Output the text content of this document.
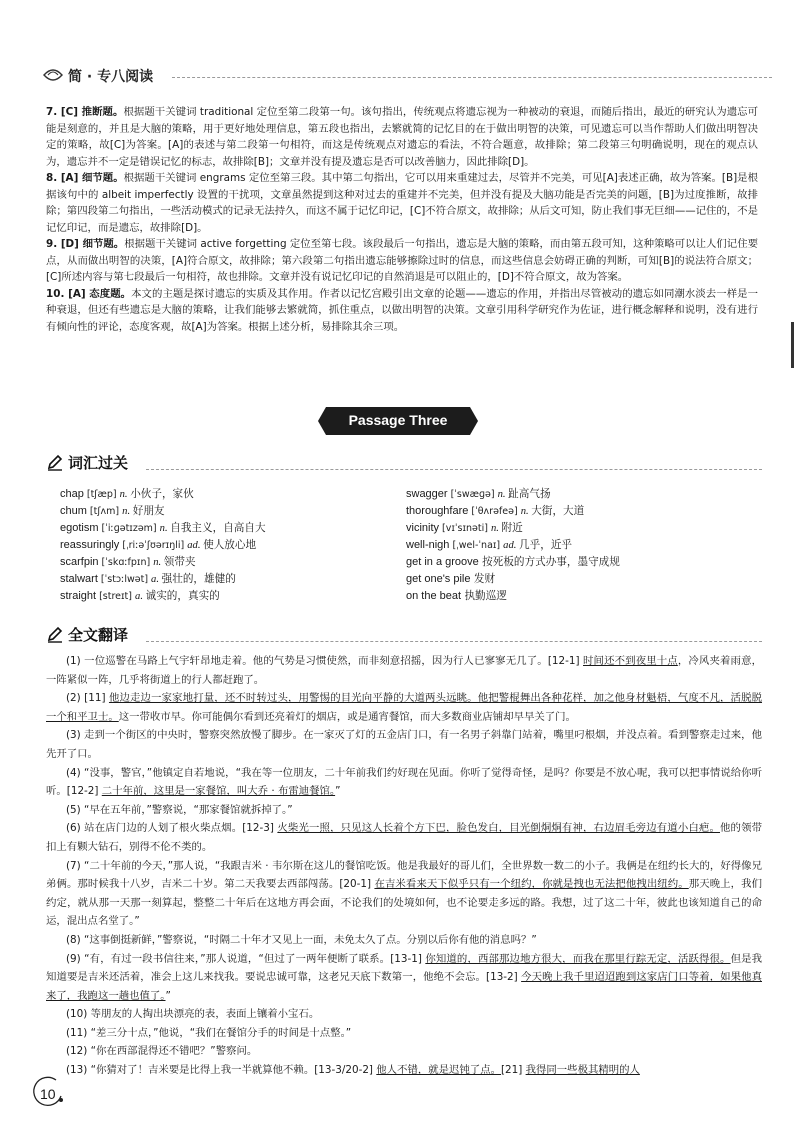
简 · 专八阅读

7. [C] 推断题。根据题干关键词 traditional 定位至第二段第一句。该句指出，传统观点将遗忘视为一种被动的衰退，而随后指出，最近的研究认为遗忘可能是刻意的，并且是大脑的策略，用于更好地处理信息，第五段也指出，去繁就简的记忆目的在于做出明智的决策，可见遗忘可以当作帮助人们做出明智决定的策略，故[C]为答案。[A]的表述与第二段第一句相符，而这是传统观点对遗忘的看法，不符合题意，故排除；第二段第三句明确说明，现在的观点认为，遗忘并不一定是错误记忆的标志，故排除[B]；文章并没有提及遗忘是否可以改善脑力，因此排除[D]。

8. [A] 细节题。根据题干关键词 engrams 定位至第三段。其中第二句指出，它可以用来重建过去，尽管并不完美，可见[A]表述正确，故为答案。[B]是根据该句中的 albeit imperfectly 设置的干扰项，文章虽然提到这种对过去的重建并不完美，但并没有提及大脑功能是否完美的问题，[B]为过度推断，故排除；第四段第二句指出，一些活动模式的记录无法持久，而这不属于记忆印记，[C]不符合原文，故排除；从后文可知，防止我们事无巨细——记住的，不是记忆印记，而是遗忘，故排除[D]。

9. [D] 细节题。根据题干关键词 active forgetting 定位至第七段。该段最后一句指出，遗忘是大脑的策略，而由第五段可知，这种策略可以让人们记住要点，从而做出明智的决策，[A]符合原文，故排除；第六段第二句指出遗忘能够擦除过时的信息，而这些信息会妨碍正确的判断，可知[B]的说法符合原文；[C]所述内容与第七段最后一句相符，故也排除。文章并没有说记忆印记的自然消退是可以阻止的，[D]不符合原文，故为答案。

10. [A] 态度题。本文的主题是探讨遗忘的实质及其作用。作者以记忆宫殿引出文章的论题——遗忘的作用，并指出尽管被动的遗忘如同潮水淡去一样是一种衰退，但还有些遗忘是大脑的策略，让我们能够去繁就简，抓住重点，以做出明智的决策。文章引用科学研究作为佐证，进行概念解释和说明，没有进行有倾向性的评论，态度客观，故[A]为答案。根据上述分析，易排除其余三项。

Passage Three
词汇过关
chap [tʃæp] n. 小伙子，家伙
chum [tʃʌm] n. 好朋友
egotism [ˈiːɡətɪzəm] n. 自我主义，自高自大
reassuringly [ˌriːəˈʃʊərɪŋli] ad. 使人放心地
scarfpin [ˈskɑːfpɪn] n. 领带夹
stalwart [ˈstɔːlwət] a. 强壮的，雄健的
straight [streɪt] a. 诚实的，真实的
swagger [ˈswæɡə] n. 趾高气扬
thoroughfare [ˈθʌrəfeə] n. 大街，大道
vicinity [vɪˈsɪnəti] n. 附近
well-nigh [ˌwel-ˈnaɪ] ad. 几乎，近乎
get in a groove 按死板的方式办事，墨守成规
get one's pile 发财
on the beat 执勤巡逻
全文翻译

(1) 一位巡警在马路上气宇轩昂地走着。他的气势是习惯使然，而非刻意招摇，因为行人已寥寥无几了。[12-1] 时间还不到夜里十点，冷风夹着雨意，一阵紧似一阵，几乎将街道上的行人都赶跑了。

(2) [11] 他边走边一家家地打量，还不时转过头，用警惕的目光向平静的大道两头远眺。他把警棍舞出各种花样，加之他身材魁梧，气度不凡，活脱脱一个和平卫士。这一带收市早。你可能偶尔看到还亮着灯的烟店，或是通宵餐馆，而大多数商业店铺却早早关了门。

(3) 走到一个街区的中央时，警察突然放慢了脚步。在一家灭了灯的五金店门口，有一名男子斜靠门站着，嘴里叼根烟，并没点着。看到警察走过来，他先开了口。

(4) “没事，警官，”他镇定自若地说，“我在等一位朋友，二十年前我们约好现在见面。你听了觉得奇怪，是吗？你要是不放心呢，我可以把事情说给你听听。[12-2] 二十年前，这里是一家餐馆，叫大乔 · 布雷迪餐馆。”

(5) “早在五年前，”警察说，“那家餐馆就拆掉了。”

(6) 站在店门边的人划了根火柴点烟。[12-3] 火柴光一照，只见这人长着个方下巴，脸色发白，目光倒烔烔有神，右边眉毛旁边有道小白疤。他的领带扣上有颗大钻石，别得不伦不类的。

(7) “二十年前的今天，”那人说，“我跟吉米 · 韦尔斯在这儿的餐馆吃饭。他是我最好的哥儿们，全世界数一数二的小子。我俩是在纽约长大的，好得像兄弟俩。那时候我十八岁，吉米二十岁。第二天我要去西部闯荡。[20-1] 在吉米看来天下似乎只有一个纽约，你就是拽也无法把他拽出纽约。那天晚上，我们约定，就从那一天那一刻算起，整整二十年后在这地方再会面，不论我们的处境如何，也不论要走多远的路。我想，过了这二十年，彼此也该知道自己的命运，混出点名堂了。”

(8) “这事倒挺新鲜，”警察说，“时隔二十年才又见上一面，未免太久了点。分别以后你有他的消息吗？”

(9) “有，有过一段书信往来，”那人说道，“但过了一两年便断了联系。[13-1] 你知道的，西部那边地方很大，而我在那里行踪无定，活跃得很。但是我知道要是吉米还活着，准会上这儿来找我。要说忠诚可靠，这老兄天底下数第一，他绝不会忘。[13-2] 今天晚上我千里迢迢跑到这家店门口等着，如果他真来了，我跑这一趟也值了。”

(10) 等朋友的人掏出块漂亮的表，表面上镶着小宝石。

(11) “差三分十点，”他说，“我们在餐馆分手的时间是十点整。”

(12) “你在西部混得还不错吧？”警察问。

(13) “你猜对了！吉米要是比得上我一半就算他不赖。[13-3/20-2] 他人不错，就是迟钝了点。[21] 我得同一些极其精明的人

10
